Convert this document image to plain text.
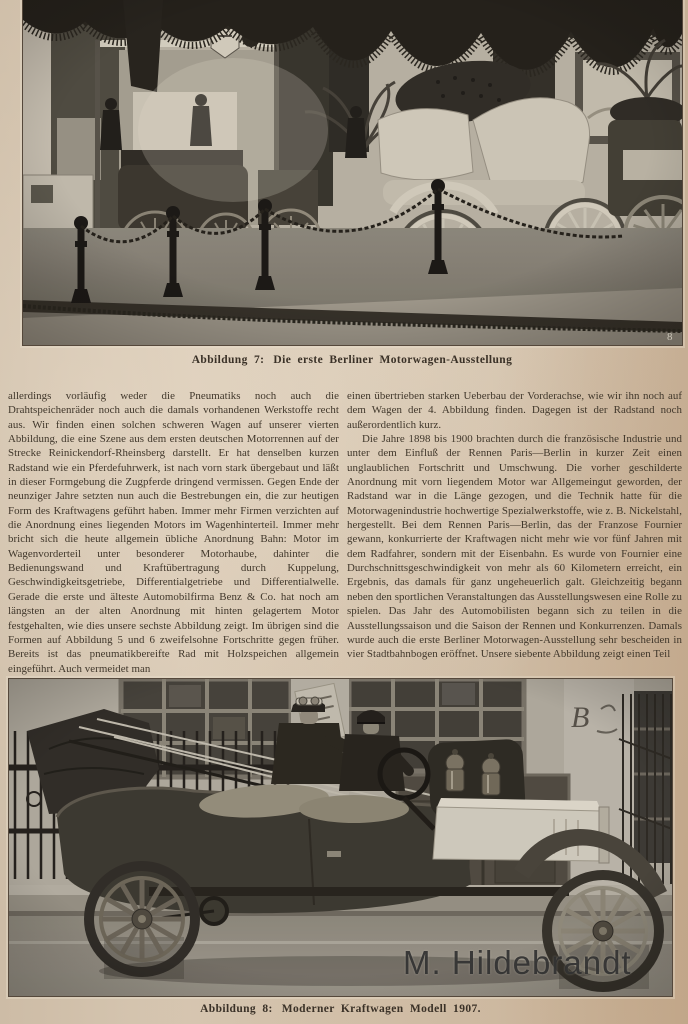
8
Abbildung 7: Die erste Berliner Motorwagen-Ausstellung

allerdings vorläufig weder die Pneumatiks noch auch die Drahtspeichenräder noch auch die damals vorhandenen Werkstoffe recht aus. Wir finden einen solchen schweren Wagen auf unserer vierten Abbildung, die eine Szene aus dem ersten deutschen Motorrennen auf der Strecke Reinickendorf-Rheinsberg darstellt. Er hat denselben kurzen Radstand wie ein Pferdefuhrwerk, ist nach vorn stark übergebaut und läßt in dieser Formgebung die Zugpferde dringend vermissen. Gegen Ende der neunziger Jahre setzten nun auch die Bestrebungen ein, die zur heutigen Form des Kraftwagens geführt haben. Immer mehr Firmen verzichten auf die Anordnung eines liegenden Motors im Wagenhinterteil. Immer mehr bricht sich die heute allgemein übliche Anordnung Bahn: Motor im Wagenvorderteil unter besonderer Motorhaube, dahinter die Bedienungswand und Kraftübertragung durch Kuppelung, Geschwindigkeitsgetriebe, Differentialgetriebe und Differentialwelle. Gerade die erste und älteste Automobilfirma Benz & Co. hat noch am längsten an der alten Anordnung mit hinten gelagertem Motor festgehalten, wie dies unsere sechste Abbildung zeigt. Im übrigen sind die Formen auf Abbildung 5 und 6 zweifelsohne Fortschritte gegen früher. Bereits ist das pneumatikbereifte Rad mit Holzspeichen allgemein eingeführt. Auch vermeidet man

einen übertrieben starken Ueberbau der Vorderachse, wie wir ihn noch auf dem Wagen der 4. Abbildung finden. Dagegen ist der Radstand noch außerordentlich kurz.

Die Jahre 1898 bis 1900 brachten durch die französische Industrie und unter dem Einfluß der Rennen Paris—Berlin in kurzer Zeit einen unglaublichen Fortschritt und Umschwung. Die vorher geschilderte Anordnung mit vorn liegendem Motor war Allgemeingut geworden, der Radstand war in die Länge gezogen, und die Technik hatte für die Motorwagenindustrie hochwertige Spezialwerkstoffe, wie z. B. Nickelstahl, hergestellt. Bei dem Rennen Paris—Berlin, das der Franzose Fournier gewann, konkurrierte der Kraftwagen nicht mehr wie vor fünf Jahren mit dem Radfahrer, sondern mit der Eisenbahn. Es wurde von Fournier eine Durchschnittsgeschwindigkeit von mehr als 60 Kilometern erreicht, ein Ergebnis, das damals für ganz ungeheuerlich galt. Gleichzeitig begann neben den sportlichen Veranstaltungen das Ausstellungswesen eine Rolle zu spielen. Das Jahr des Automobilisten begann sich zu teilen in die Ausstellungssaison und die Saison der Rennen und Konkurrenzen. Damals wurde auch die erste Berliner Motorwagen-Ausstellung sehr bescheiden in vier Stadtbahnbogen eröffnet. Unsere siebente Abbildung zeigt einen Teil

M. Hildebrandt
Abbildung 8: Moderner Kraftwagen Modell 1907.
